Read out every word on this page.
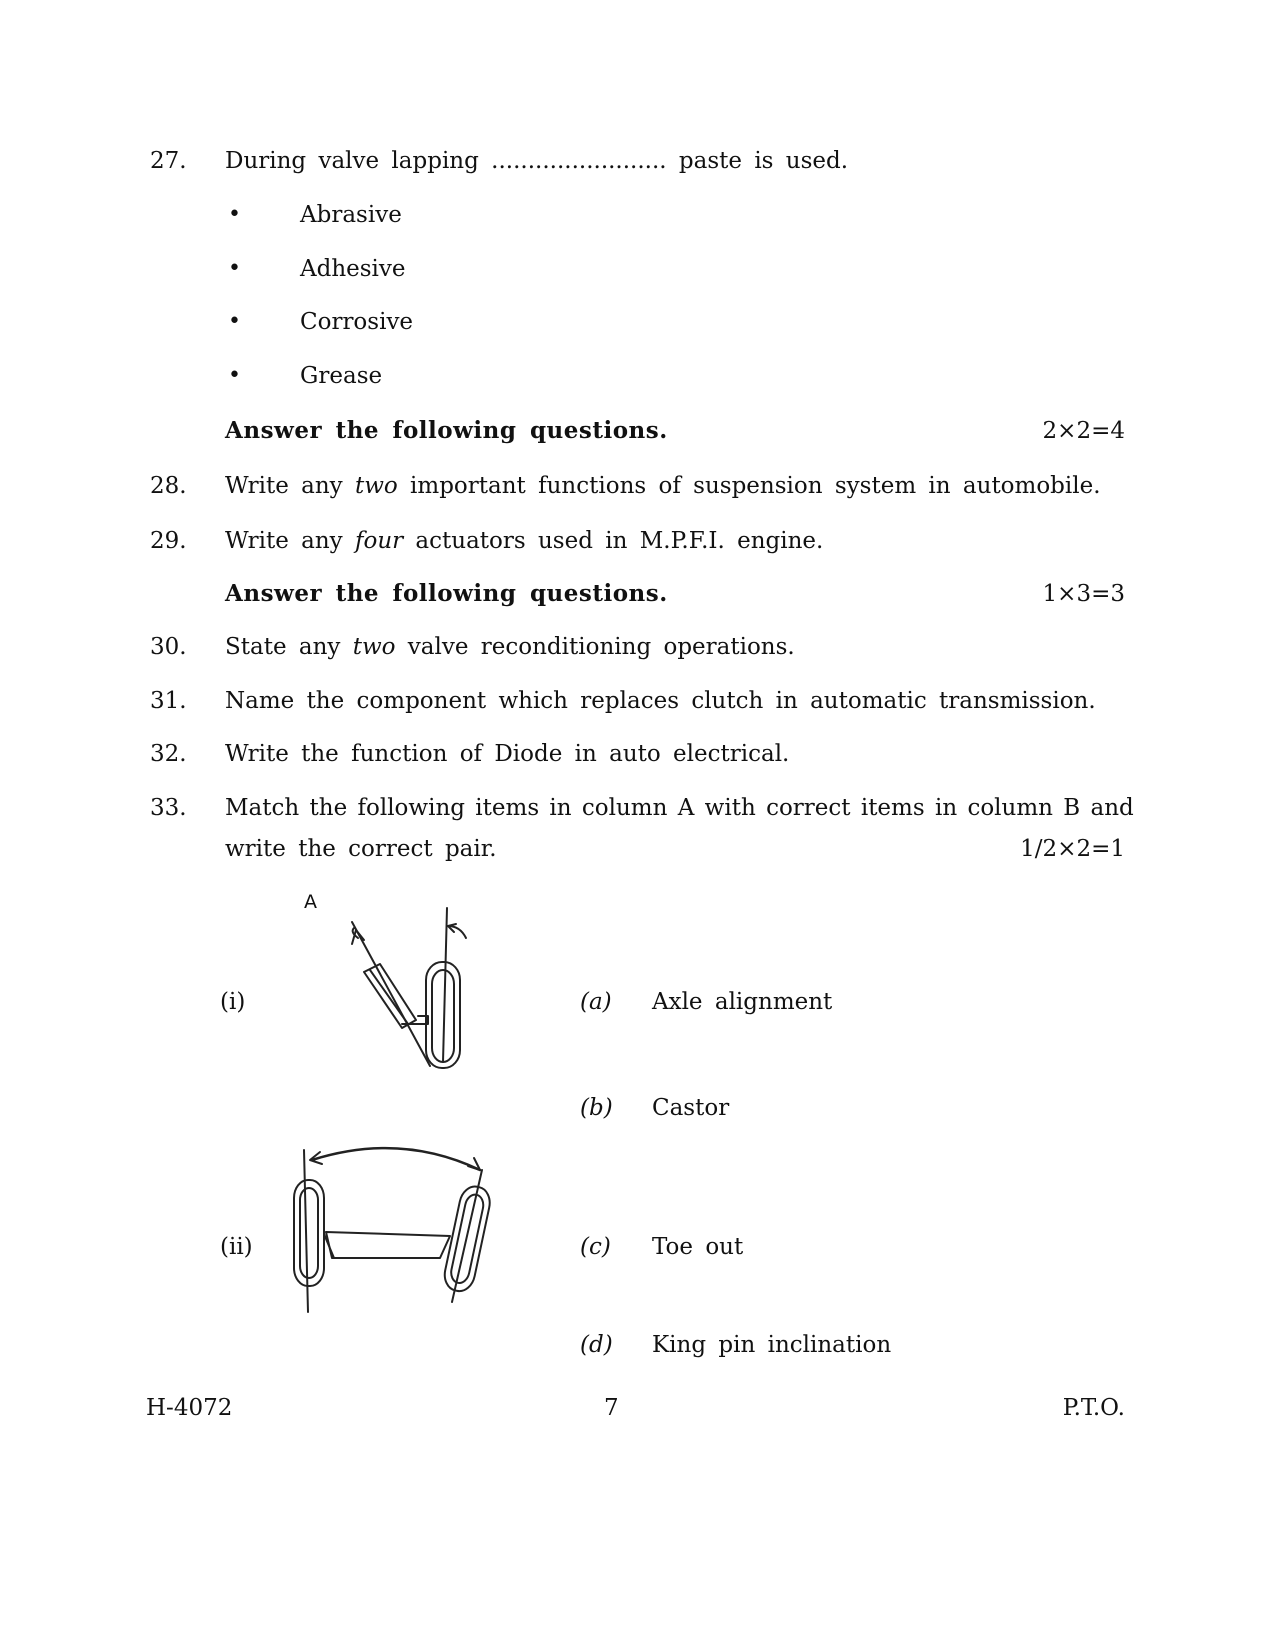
27. During valve lapping ........................ paste is used.
•	Abrasive
•	Adhesive
•	Corrosive
•	Grease
Answer the following questions.	2×2=4
28. Write any two important functions of suspension system in automobile.
29. Write any four actuators used in M.P.F.I. engine.
Answer the following questions.	1×3=3
30. State any two valve reconditioning operations.
31. Name the component which replaces clutch in automatic transmission.
32. Write the function of Diode in auto electrical.
33. Match the following items in column A with correct items in column B and
write the correct pair.	1/2×2=1
A
(i)
(ii)
(a) Axle alignment
(b) Castor
(c) Toe out
(d) King pin inclination
H-4072	7	P.T.O.
